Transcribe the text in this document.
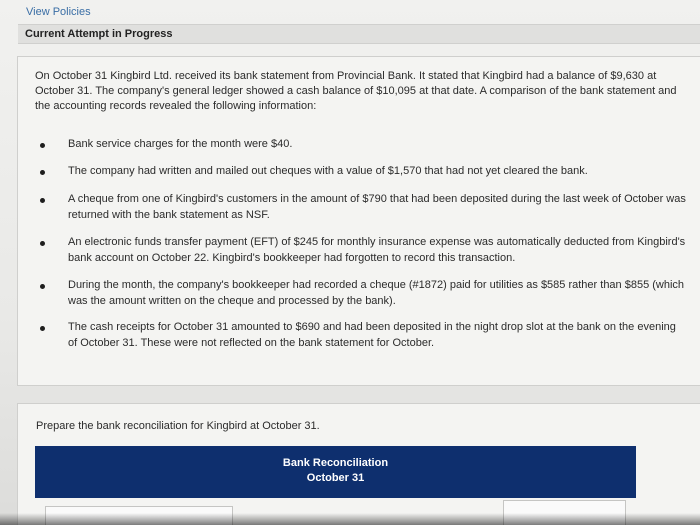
View Policies
Current Attempt in Progress

On October 31 Kingbird Ltd. received its bank statement from Provincial Bank. It stated that Kingbird had a balance of $9,630 at October 31. The company's general ledger showed a cash balance of $10,095 at that date. A comparison of the bank statement and the accounting records revealed the following information:

Bank service charges for the month were $40.
The company had written and mailed out cheques with a value of $1,570 that had not yet cleared the bank.
A cheque from one of Kingbird's customers in the amount of $790 that had been deposited during the last week of October was returned with the bank statement as NSF.
An electronic funds transfer payment (EFT) of $245 for monthly insurance expense was automatically deducted from Kingbird's bank account on October 22. Kingbird's bookkeeper had forgotten to record this transaction.
During the month, the company's bookkeeper had recorded a cheque (#1872) paid for utilities as $585 rather than $855 (which was the amount written on the cheque and processed by the bank).
The cash receipts for October 31 amounted to $690 and had been deposited in the night drop slot at the bank on the evening of October 31. These were not reflected on the bank statement for October.

Prepare the bank reconciliation for Kingbird at October 31.

Bank Reconciliation
October 31
